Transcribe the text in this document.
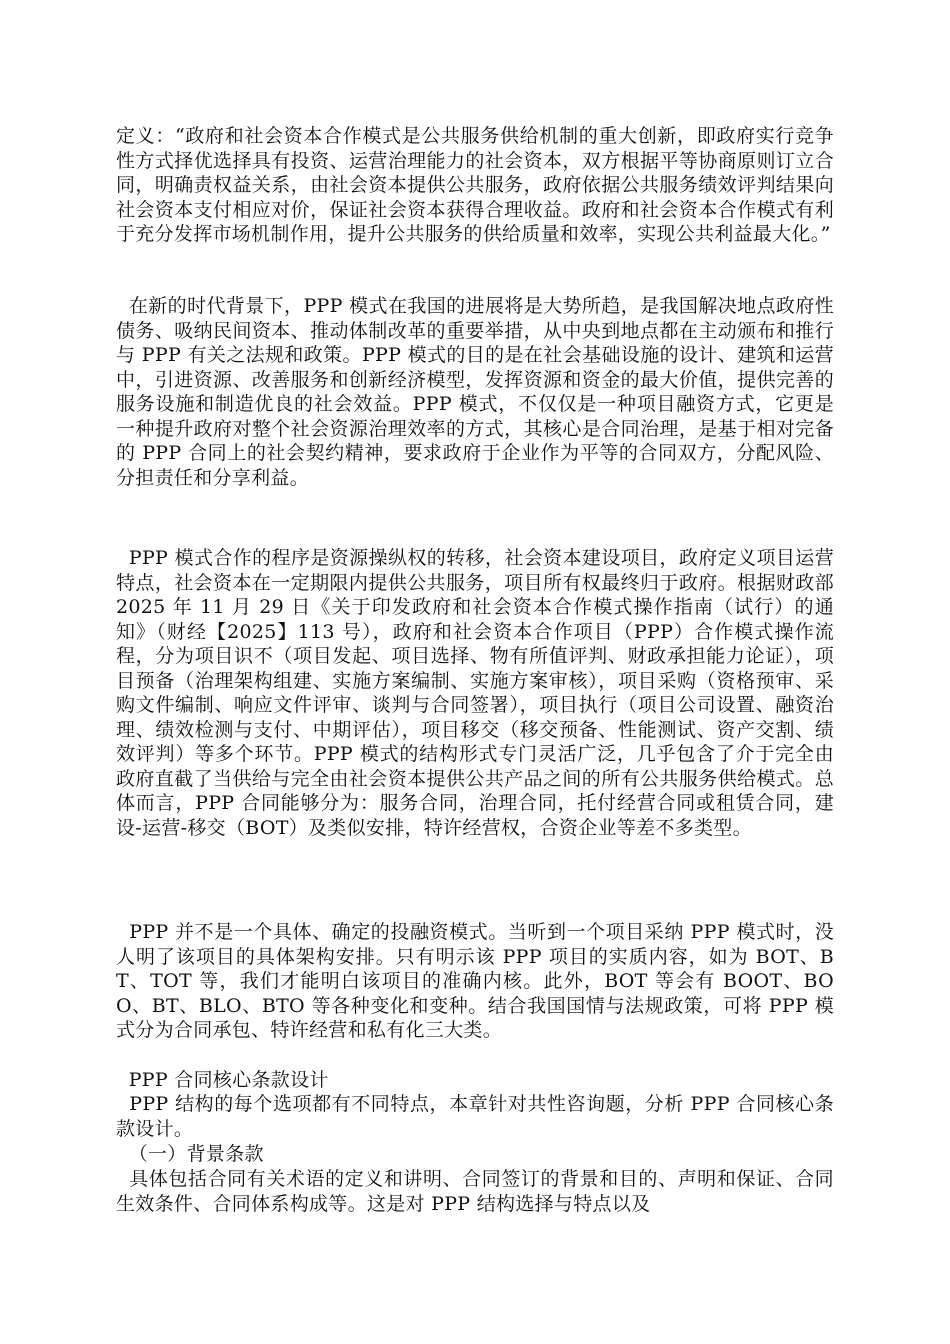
定义：“政府和社会资本合作模式是公共服务供给机制的重大创新，即政府实行竞争性方式择优选择具有投资、运营治理能力的社会资本，双方根据平等协商原则订立合同，明确责权益关系，由社会资本提供公共服务，政府依据公共服务绩效评判结果向社会资本支付相应对价，保证社会资本获得合理收益。政府和社会资本合作模式有利于充分发挥市场机制作用，提升公共服务的供给质量和效率，实现公共利益最大化。”

在新的时代背景下，PPP 模式在我国的进展将是大势所趋，是我国解决地点政府性债务、吸纳民间资本、推动体制改革的重要举措，从中央到地点都在主动颁布和推行与 PPP 有关之法规和政策。PPP 模式的目的是在社会基础设施的设计、建筑和运营中，引进资源、改善服务和创新经济模型，发挥资源和资金的最大价值，提供完善的服务设施和制造优良的社会效益。PPP 模式，不仅仅是一种项目融资方式，它更是一种提升政府对整个社会资源治理效率的方式，其核心是合同治理，是基于相对完备的 PPP 合同上的社会契约精神，要求政府于企业作为平等的合同双方，分配风险、分担责任和分享利益。

PPP 模式合作的程序是资源操纵权的转移，社会资本建设项目，政府定义项目运营特点，社会资本在一定期限内提供公共服务，项目所有权最终归于政府。根据财政部 2025 年 11 月 29 日《关于印发政府和社会资本合作模式操作指南（试行）的通知》（财经【2025】113 号），政府和社会资本合作项目（PPP）合作模式操作流程，分为项目识不（项目发起、项目选择、物有所值评判、财政承担能力论证），项目预备（治理架构组建、实施方案编制、实施方案审核），项目采购（资格预审、采购文件编制、响应文件评审、谈判与合同签署），项目执行（项目公司设置、融资治理、绩效检测与支付、中期评估），项目移交（移交预备、性能测试、资产交割、绩效评判）等多个环节。PPP 模式的结构形式专门灵活广泛，几乎包含了介于完全由政府直截了当供给与完全由社会资本提供公共产品之间的所有公共服务供给模式。总体而言，PPP 合同能够分为：服务合同，治理合同，托付经营合同或租赁合同，建设-运营-移交（BOT）及类似安排，特许经营权，合资企业等差不多类型。

PPP 并不是一个具体、确定的投融资模式。当听到一个项目采纳 PPP 模式时，没人明了该项目的具体架构安排。只有明示该 PPP 项目的实质内容，如为 BOT、BT、TOT 等，我们才能明白该项目的准确内核。此外，BOT 等会有 BOOT、BOO、BT、BLO、BTO 等各种变化和变种。结合我国国情与法规政策，可将 PPP 模式分为合同承包、特许经营和私有化三大类。

PPP 合同核心条款设计

PPP 结构的每个选项都有不同特点，本章针对共性咨询题，分析 PPP 合同核心条款设计。

（一）背景条款

具体包括合同有关术语的定义和讲明、合同签订的背景和目的、声明和保证、合同生效条件、合同体系构成等。这是对 PPP 结构选择与特点以及
